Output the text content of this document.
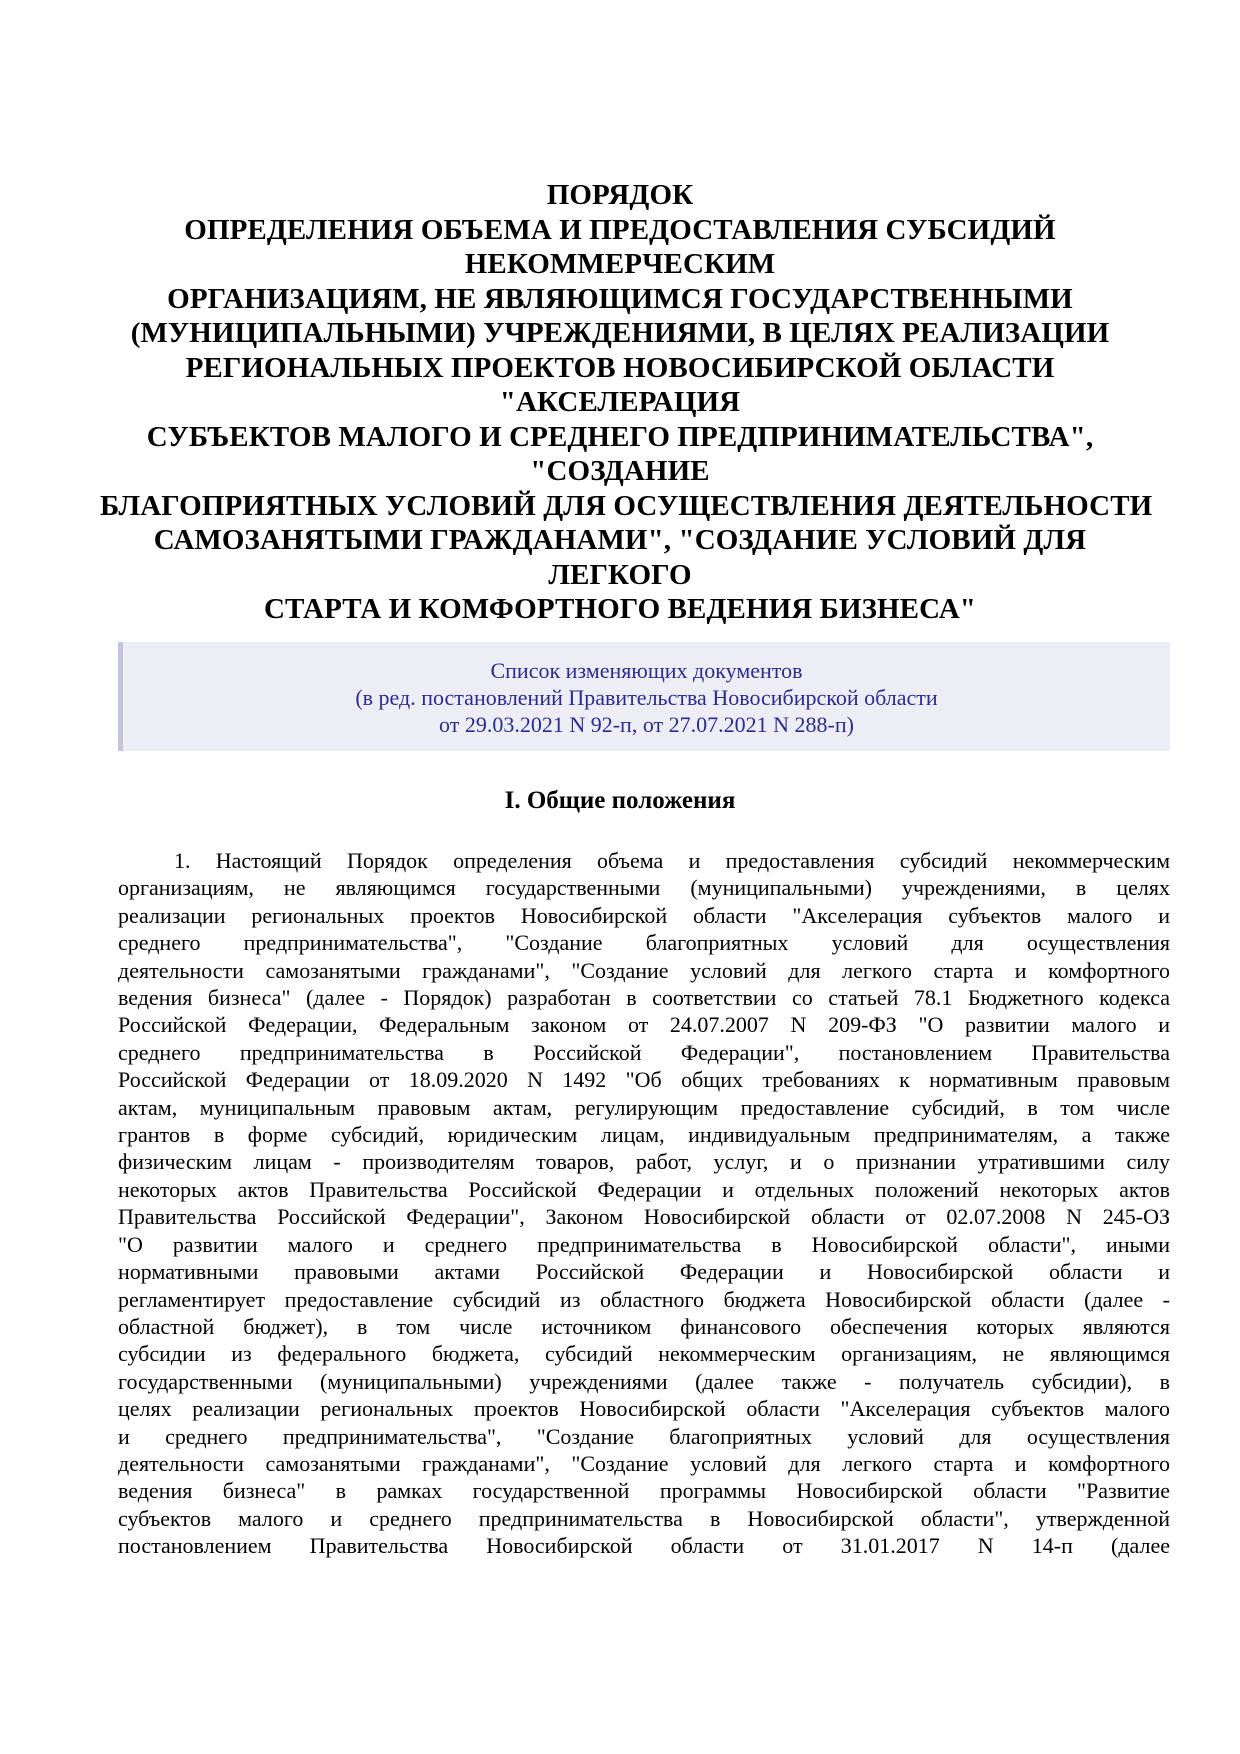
ПОРЯДОК
ОПРЕДЕЛЕНИЯ ОБЪЕМА И ПРЕДОСТАВЛЕНИЯ СУБСИДИЙ
НЕКОММЕРЧЕСКИМ
ОРГАНИЗАЦИЯМ, НЕ ЯВЛЯЮЩИМСЯ ГОСУДАРСТВЕННЫМИ
(МУНИЦИПАЛЬНЫМИ) УЧРЕЖДЕНИЯМИ, В ЦЕЛЯХ РЕАЛИЗАЦИИ
РЕГИОНАЛЬНЫХ ПРОЕКТОВ НОВОСИБИРСКОЙ ОБЛАСТИ
"АКСЕЛЕРАЦИЯ
СУБЪЕКТОВ МАЛОГО И СРЕДНЕГО ПРЕДПРИНИМАТЕЛЬСТВА",
"СОЗДАНИЕ
БЛАГОПРИЯТНЫХ УСЛОВИЙ ДЛЯ ОСУЩЕСТВЛЕНИЯ ДЕЯТЕЛЬНОСТИ
САМОЗАНЯТЫМИ ГРАЖДАНАМИ", "СОЗДАНИЕ УСЛОВИЙ ДЛЯ
ЛЕГКОГО
СТАРТА И КОМФОРТНОГО ВЕДЕНИЯ БИЗНЕСА"
Список изменяющих документов
(в ред. постановлений Правительства Новосибирской области
от 29.03.2021 N 92-п, от 27.07.2021 N 288-п)
I. Общие положения
1. Настоящий Порядок определения объема и предоставления субсидий некоммерческим
организациям, не являющимся государственными (муниципальными) учреждениями, в целях
реализации региональных проектов Новосибирской области "Акселерация субъектов малого и
среднего предпринимательства", "Создание благоприятных условий для осуществления
деятельности самозанятыми гражданами", "Создание условий для легкого старта и комфортного
ведения бизнеса" (далее - Порядок) разработан в соответствии со статьей 78.1 Бюджетного кодекса
Российской Федерации, Федеральным законом от 24.07.2007 N 209-ФЗ "О развитии малого и
среднего предпринимательства в Российской Федерации", постановлением Правительства
Российской Федерации от 18.09.2020 N 1492 "Об общих требованиях к нормативным правовым
актам, муниципальным правовым актам, регулирующим предоставление субсидий, в том числе
грантов в форме субсидий, юридическим лицам, индивидуальным предпринимателям, а также
физическим лицам - производителям товаров, работ, услуг, и о признании утратившими силу
некоторых актов Правительства Российской Федерации и отдельных положений некоторых актов
Правительства Российской Федерации", Законом Новосибирской области от 02.07.2008 N 245-ОЗ
"О развитии малого и среднего предпринимательства в Новосибирской области", иными
нормативными правовыми актами Российской Федерации и Новосибирской области и
регламентирует предоставление субсидий из областного бюджета Новосибирской области (далее -
областной бюджет), в том числе источником финансового обеспечения которых являются
субсидии из федерального бюджета, субсидий некоммерческим организациям, не являющимся
государственными (муниципальными) учреждениями (далее также - получатель субсидии), в
целях реализации региональных проектов Новосибирской области "Акселерация субъектов малого
и среднего предпринимательства", "Создание благоприятных условий для осуществления
деятельности самозанятыми гражданами", "Создание условий для легкого старта и комфортного
ведения бизнеса" в рамках государственной программы Новосибирской области "Развитие
субъектов малого и среднего предпринимательства в Новосибирской области", утвержденной
постановлением Правительства Новосибирской области от 31.01.2017 N 14-п (далее
